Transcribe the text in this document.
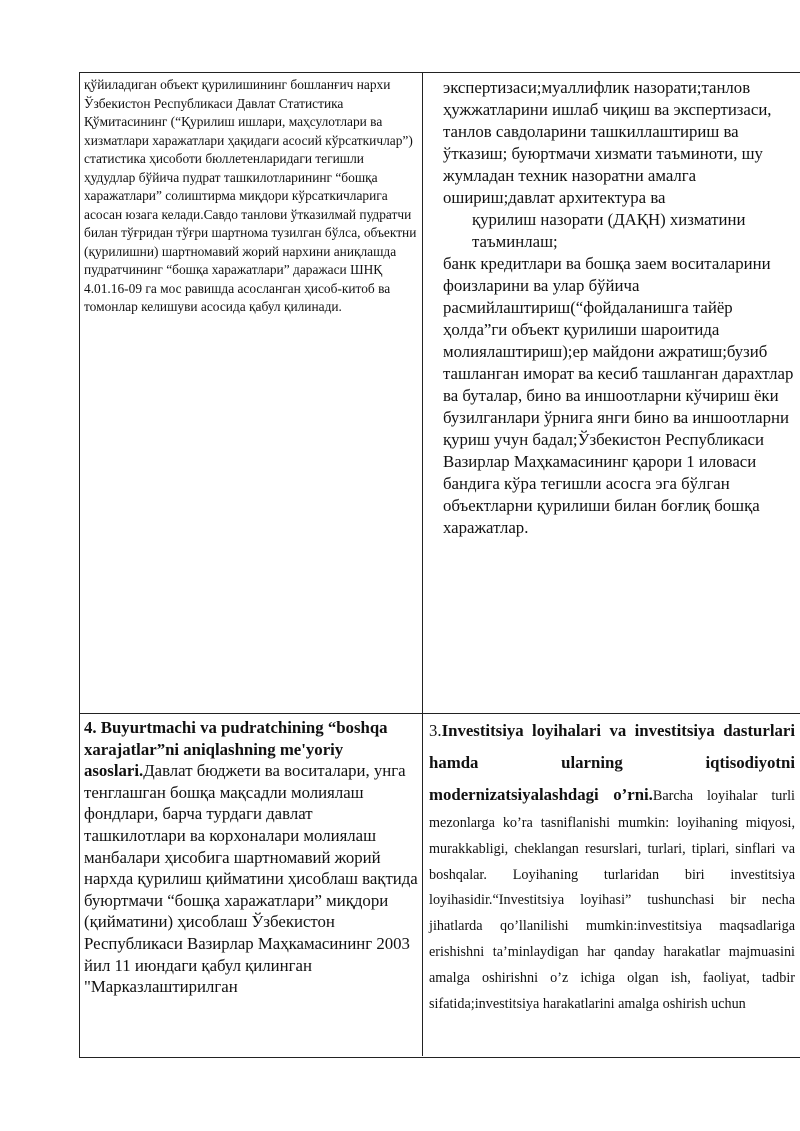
қўйиладиган объект қурилишининг бошланғич нархи Ўзбекистон Республикаси Давлат Статистика Қўмитасининг (“Қурилиш ишлари, маҳсулотлари ва хизматлари харажатлари ҳақидаги асосий кўрсаткичлар”) статистика ҳисоботи бюллетенларидаги тегишли ҳудудлар бўйича пудрат ташкилотларининг “бошқа харажатлари” солиштирма миқдори кўрсаткичларига асосан юзага келади.Савдо танлови ўтказилмай пудратчи билан тўғридан тўғри шартнома тузилган бўлса, объектни (қурилишни) шартномавий жорий нархини аниқлашда пудратчининг “бошқа харажатлари” даражаси ШНҚ 4.01.16-09 га мос равишда асосланган ҳисоб-китоб ва томонлар келишуви асосида қабул қилинади.

экспертизаси;муаллифлик назорати;танлов ҳужжатларини ишлаб чиқиш ва экспертизаси, танлов савдоларини ташкиллаштириш ва ўтказиш; буюртмачи хизмати таъминоти, шу жумладан техник назоратни амалга ошириш;давлат архитектура ва
қурилиш назорати (ДАҚН) хизматини таъминлаш; банк кредитлари ва бошқа заем воситаларини фоизларини ва улар бўйича расмийлаштириш(“фойдаланишга тайёр ҳолда”ги объект қурилиши шароитида молиялаштириш);ер майдони ажратиш;бузиб ташланган иморат ва кесиб ташланган дарахтлар ва буталар, бино ва иншоотларни кўчириш ёки бузилганлари ўрнига янги бино ва иншоотларни қуриш учун бадал;Ўзбекистон Республикаси Вазирлар Маҳкамасининг қарори 1 иловаси бандига кўра тегишли асосга эга бўлган объектларни қурилиши билан боғлиқ бошқа харажатлар.

4. Buyurtmachi va pudratchining “boshqa xarajatlar”ni aniqlashning me'yoriy asoslari.Давлат бюджети ва воситалари, унга тенглашган бошқа мақсадли молиялаш фондлари, барча турдаги давлат ташкилотлари ва корхоналари молиялаш манбалари ҳисобига шартномавий жорий нархда қурилиш қийматини ҳисоблаш вақтида буюртмачи “бошқа харажатлари” миқдори (қийматини) ҳисоблаш Ўзбекистон Республикаси Вазирлар Маҳкамасининг 2003 йил 11 июндаги қабул қилинган "Марказлаштирилган

3.Investitsiya loyihalari va investitsiya dasturlari hamda ularning iqtisodiyotni modernizatsiyalashdagi o’rni.Barcha loyihalar turli mezonlarga ko’ra tasniflanishi mumkin: loyihaning miqyosi, murakkabligi, cheklangan resurslari, turlari, tiplari, sinflari va boshqalar. Loyihaning turlaridan biri investitsiya loyihasidir.“Investitsiya loyihasi” tushunchasi bir necha jihatlarda qo’llanilishi mumkin:investitsiya maqsadlariga erishishni ta’minlaydigan har qanday harakatlar majmuasini amalga oshirishni o’z ichiga olgan ish, faoliyat, tadbir sifatida;investitsiya harakatlarini amalga oshirish uchun
